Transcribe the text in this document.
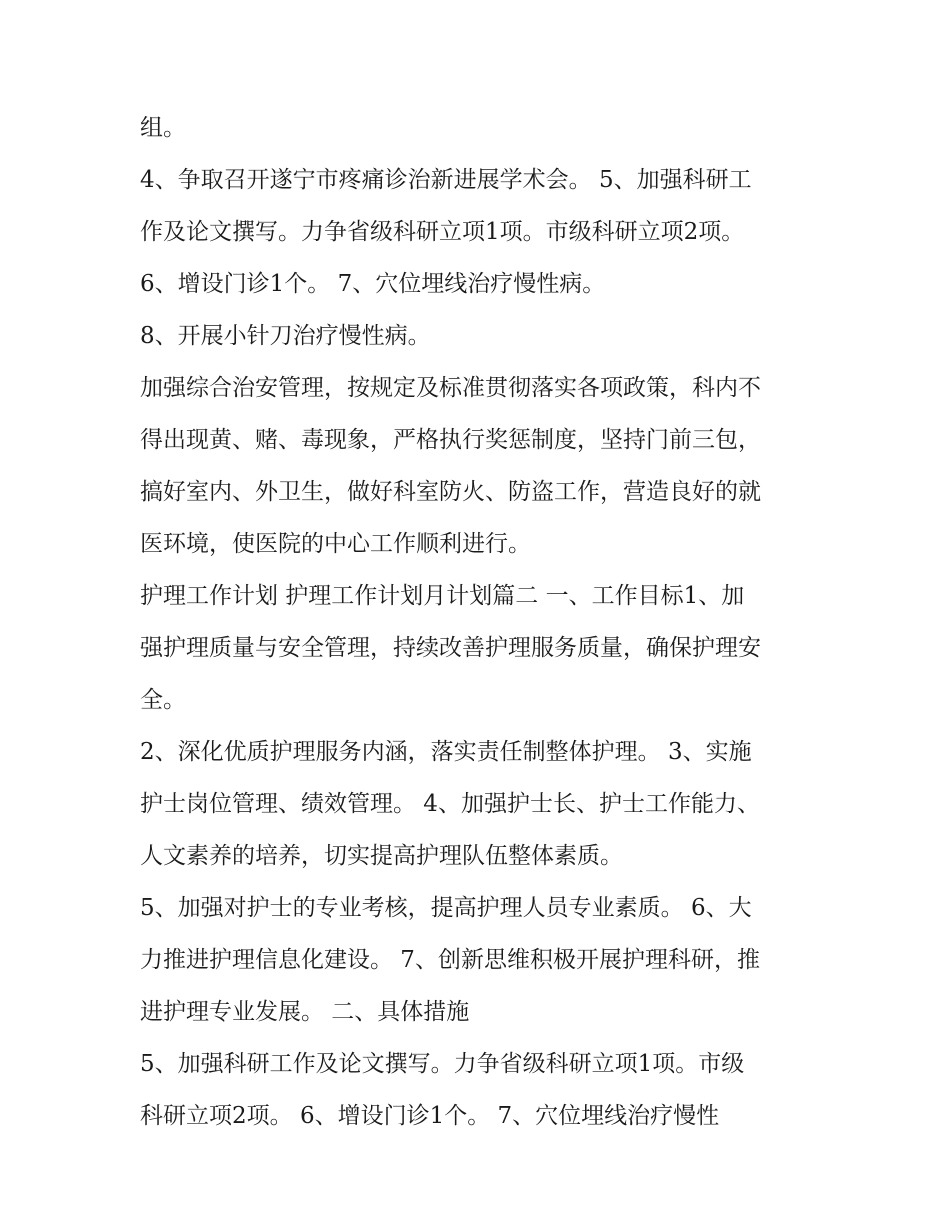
组。
4、争取召开遂宁市疼痛诊治新进展学术会。 5、加强科研工
作及论文撰写。力争省级科研立项1项。市级科研立项2项。
6、增设门诊1个。 7、穴位埋线治疗慢性病。
8、开展小针刀治疗慢性病。
加强综合治安管理，按规定及标准贯彻落实各项政策，科内不
得出现黄、赌、毒现象，严格执行奖惩制度，坚持门前三包，
搞好室内、外卫生，做好科室防火、防盗工作，营造良好的就
医环境，使医院的中心工作顺利进行。
护理工作计划 护理工作计划月计划篇二 一、工作目标1、加
强护理质量与安全管理，持续改善护理服务质量，确保护理安
全。
2、深化优质护理服务内涵，落实责任制整体护理。 3、实施
护士岗位管理、绩效管理。 4、加强护士长、护士工作能力、
人文素养的培养，切实提高护理队伍整体素质。
5、加强对护士的专业考核，提高护理人员专业素质。 6、大
力推进护理信息化建设。 7、创新思维积极开展护理科研，推
进护理专业发展。 二、具体措施
5、加强科研工作及论文撰写。力争省级科研立项1项。市级
科研立项2项。 6、增设门诊1个。 7、穴位埋线治疗慢性
